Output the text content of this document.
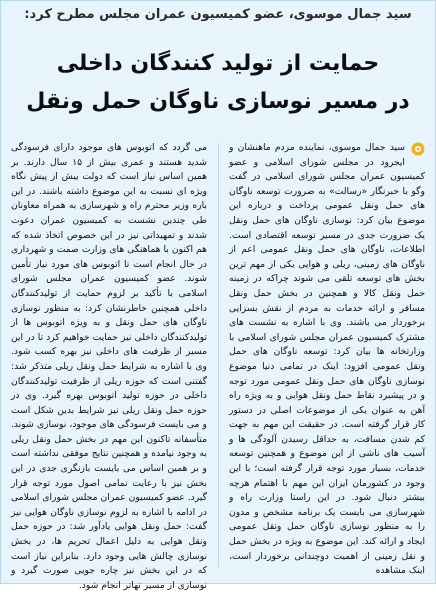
سید جمال موسوی، عضو کمیسیون عمران مجلس مطرح کرد:
حمایت از تولید کنندگان داخلی
در مسیر نوسازی ناوگان حمل ونقل

سید جمال موسوی، نماینده مردم ماهنشان و ایجرود در مجلس شورای اسلامی و عضو کمیسیون عمران مجلس شورای اسلامی در گفت وگو با خبرنگار «رسالت» به ضرورت توسعه ناوگان های حمل ونقل عمومی پرداخت و درباره این موضوع بیان کرد: نوسازی ناوگان های حمل ونقل یک ضرورت جدی در مسیر توسعه اقتصادی است. اطلاعات، ناوگان های حمل ونقل عمومی اعم از ناوگان های زمینی، ریلی و هوایی یکی از مهم ترین بخش های توسعه تلقی می شوند چراکه در زمینه حمل ونقل کالا و همچنین در بخش حمل ونقل مسافر و ارائه خدمات به مردم از نقش بسزایی برخوردار می باشند. وی با اشاره به نشست های مشترک کمیسیون عمران مجلس شورای اسلامی با وزارتخانه ها بیان کرد: توسعه ناوگان های حمل ونقل عمومی افزود: اینک در تمامی دنیا موضوع نوسازی ناوگان های حمل ونقل عمومی مورد توجه و در پیشبرد نقاط حمل ونقل هوایی و به ویژه راه آهن به عنوان یکی از موضوعات اصلی در دستور کار قرار گرفته است. در حقیقت این مهم به جهت کم شدن مسافت، به حداقل رسیدن آلودگی ها و آسیب های ناشی از این موضوع و همچنین توسعه خدمات، بسیار مورد توجه قرار گرفته است؛ با این وجود در کشورمان ایران این مهم با اهتمام هرچه بیشتر دنبال شود. در این راستا وزارت راه و شهرسازی می بایست یک برنامه مشخص و مدون را به منظور نوسازی ناوگان حمل ونقل عمومی ایجاد و ارائه کند. این موضوع به ویژه در بخش حمل و نقل زمینی از اهمیت دوچندانی برخوردار است، اینک مشاهده

می گردد که اتوبوس های موجود دارای فرسودگی شدید هستند و عمری بیش از ۱۵ سال دارند. بر همین اساس نیاز است که دولت بیش از پیش نگاه ویژه ای نسبت به این موضوع داشته باشند. در این باره وزیر محترم راه و شهرسازی به همراه معاونان طی چندین نشست به کمیسیون عمران دعوت شدند و تمهیداتی نیز در این خصوص اتخاذ شده که هم اکنون با هماهنگی های وزارت صمت و شهرداری در حال انجام است تا اتوبوس های مورد نیاز تأمین شوند. عضو کمیسیون عمران مجلس شورای اسلامی با تأکید بر لزوم حمایت از تولیدکنندگان داخلی همچنین خاطرنشان کرد: به منظور نوسازی ناوگان های حمل ونقل و به ویژه اتوبوس ها از تولیدکنندگان داخلی نیز حمایت خواهیم کرد تا در این مسیر از ظرفیت های داخلی نیز بهره کسب شود. وی با اشاره به شرایط حمل ونقل ریلی متذکر شد: گفتنی است که حوزه ریلی از ظرفیت تولیدکنندگان داخلی در حوزه تولید اتوبوس بهره گیرد. وی در حوزه حمل ونقل ریلی نیز شرایط بدین شکل است و می بایست فرسودگی های موجود، نوسازی شوند. متأسفانه تاکنون این مهم در بخش حمل ونقل ریلی به وجود نیامده و همچنین نتایج موفقی نداشته است و بر همین اساس می بایست بازنگری جدی در این بخش نیز با رعایت تمامی اصول مورد توجه قرار گیرد. عضو کمیسیون عمران مجلس شورای اسلامی در ادامه با اشاره به لزوم نوسازی ناوگان هوایی نیز گفت: حمل ونقل هوایی یادآور شد: در حوزه حمل ونقل هوایی به دلیل اعمال تحریم ها، در بخش نوسازی چالش هایی وجود دارد. بنابراین نیاز است که در این بخش نیز چاره جویی صورت گیرد و نوسازی از مسیر تهاتر انجام شود.
